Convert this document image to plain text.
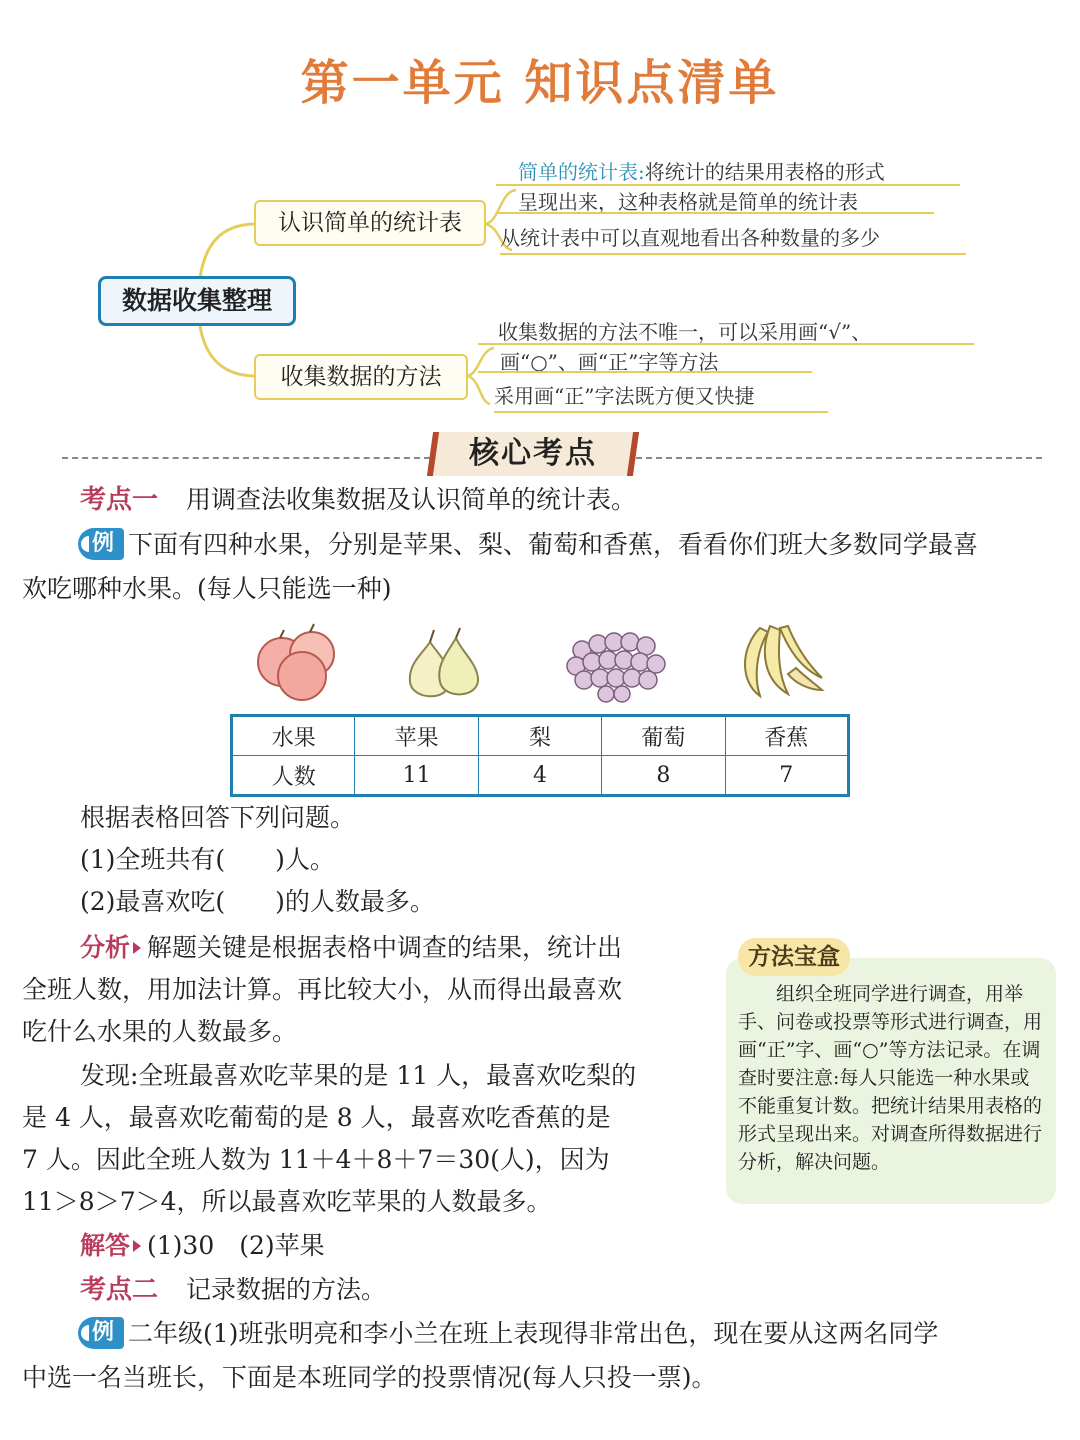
第一单元 知识点清单
数据收集整理
认识简单的统计表
简单的统计表:将统计的结果用表格的形式
呈现出来，这种表格就是简单的统计表
从统计表中可以直观地看出各种数量的多少
收集数据的方法
收集数据的方法不唯一，可以采用画“√”、
画“○”、画“正”字等方法
采用画“正”字法既方便又快捷
核心考点
考点一 用调查法收集数据及认识简单的统计表。
例 下面有四种水果，分别是苹果、梨、葡萄和香蕉，看看你们班大多数同学最喜
欢吃哪种水果。(每人只能选一种)
水果	苹果	梨	葡萄	香蕉
人数	11	4	8	7
根据表格回答下列问题。
(1)全班共有(　　)人。
(2)最喜欢吃(　　)的人数最多。
分析 解题关键是根据表格中调查的结果，统计出
全班人数，用加法计算。再比较大小，从而得出最喜欢
吃什么水果的人数最多。
发现:全班最喜欢吃苹果的是 11 人，最喜欢吃梨的
是 4 人，最喜欢吃葡萄的是 8 人，最喜欢吃香蕉的是
7 人。因此全班人数为 11＋4＋8＋7＝30(人)，因为
11＞8＞7＞4，所以最喜欢吃苹果的人数最多。
组织全班同学进行调查，用举手、问卷或投票等形式进行调查，用画“正”字、画“○”等方法记录。在调查时要注意:每人只能选一种水果或不能重复计数。把统计结果用表格的形式呈现出来。对调查所得数据进行分析，解决问题。
方法宝盒
解答 (1)30　(2)苹果
考点二 记录数据的方法。
例 二年级(1)班张明亮和李小兰在班上表现得非常出色，现在要从这两名同学
中选一名当班长，下面是本班同学的投票情况(每人只投一票)。
